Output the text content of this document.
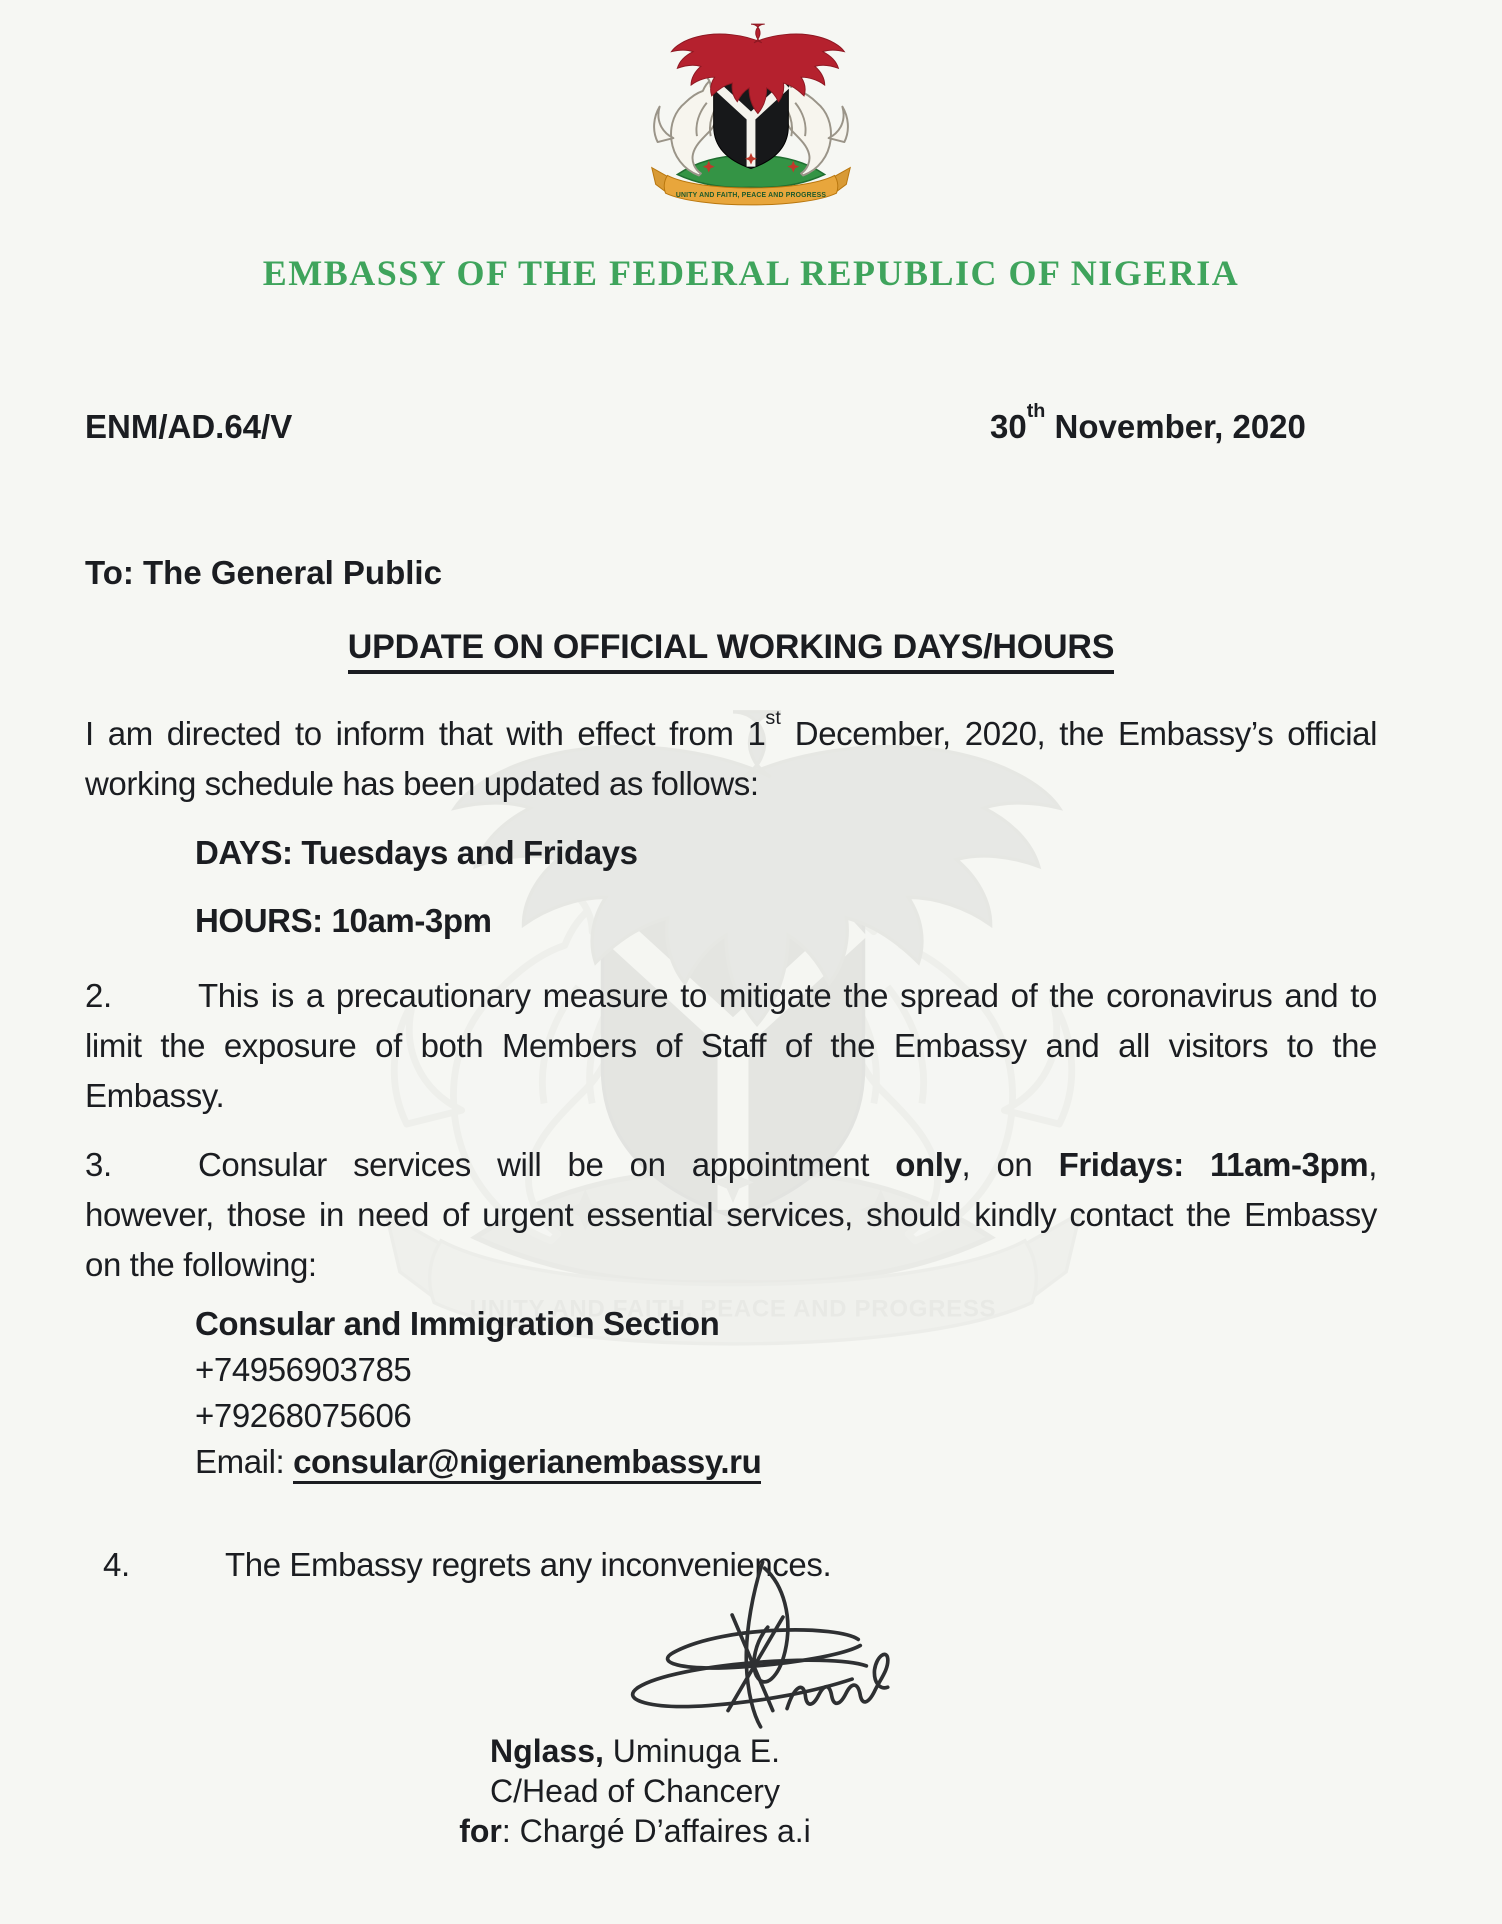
UNITY AND FAITH, PEACE AND PROGRESS
EMBASSY OF THE FEDERAL REPUBLIC OF NIGERIA
ENM/AD.64/V	30th November, 2020
To: The General Public
UPDATE ON OFFICIAL WORKING DAYS/HOURS
I am directed to inform that with effect from 1st December, 2020, the Embassy’s official
working schedule has been updated as follows:
DAYS: Tuesdays and Fridays
HOURS: 10am-3pm
2.	This is a precautionary measure to mitigate the spread of the coronavirus and to
limit the exposure of both Members of Staff of the Embassy and all visitors to the
Embassy.
3.	Consular services will be on appointment only, on Fridays: 11am-3pm,
however, those in need of urgent essential services, should kindly contact the Embassy
on the following:
Consular and Immigration Section
+74956903785
+79268075606
Email: consular@nigerianembassy.ru
4.	The Embassy regrets any inconveniences.
Nglass, Uminuga E.
C/Head of Chancery
for: Chargé D’affaires a.i
